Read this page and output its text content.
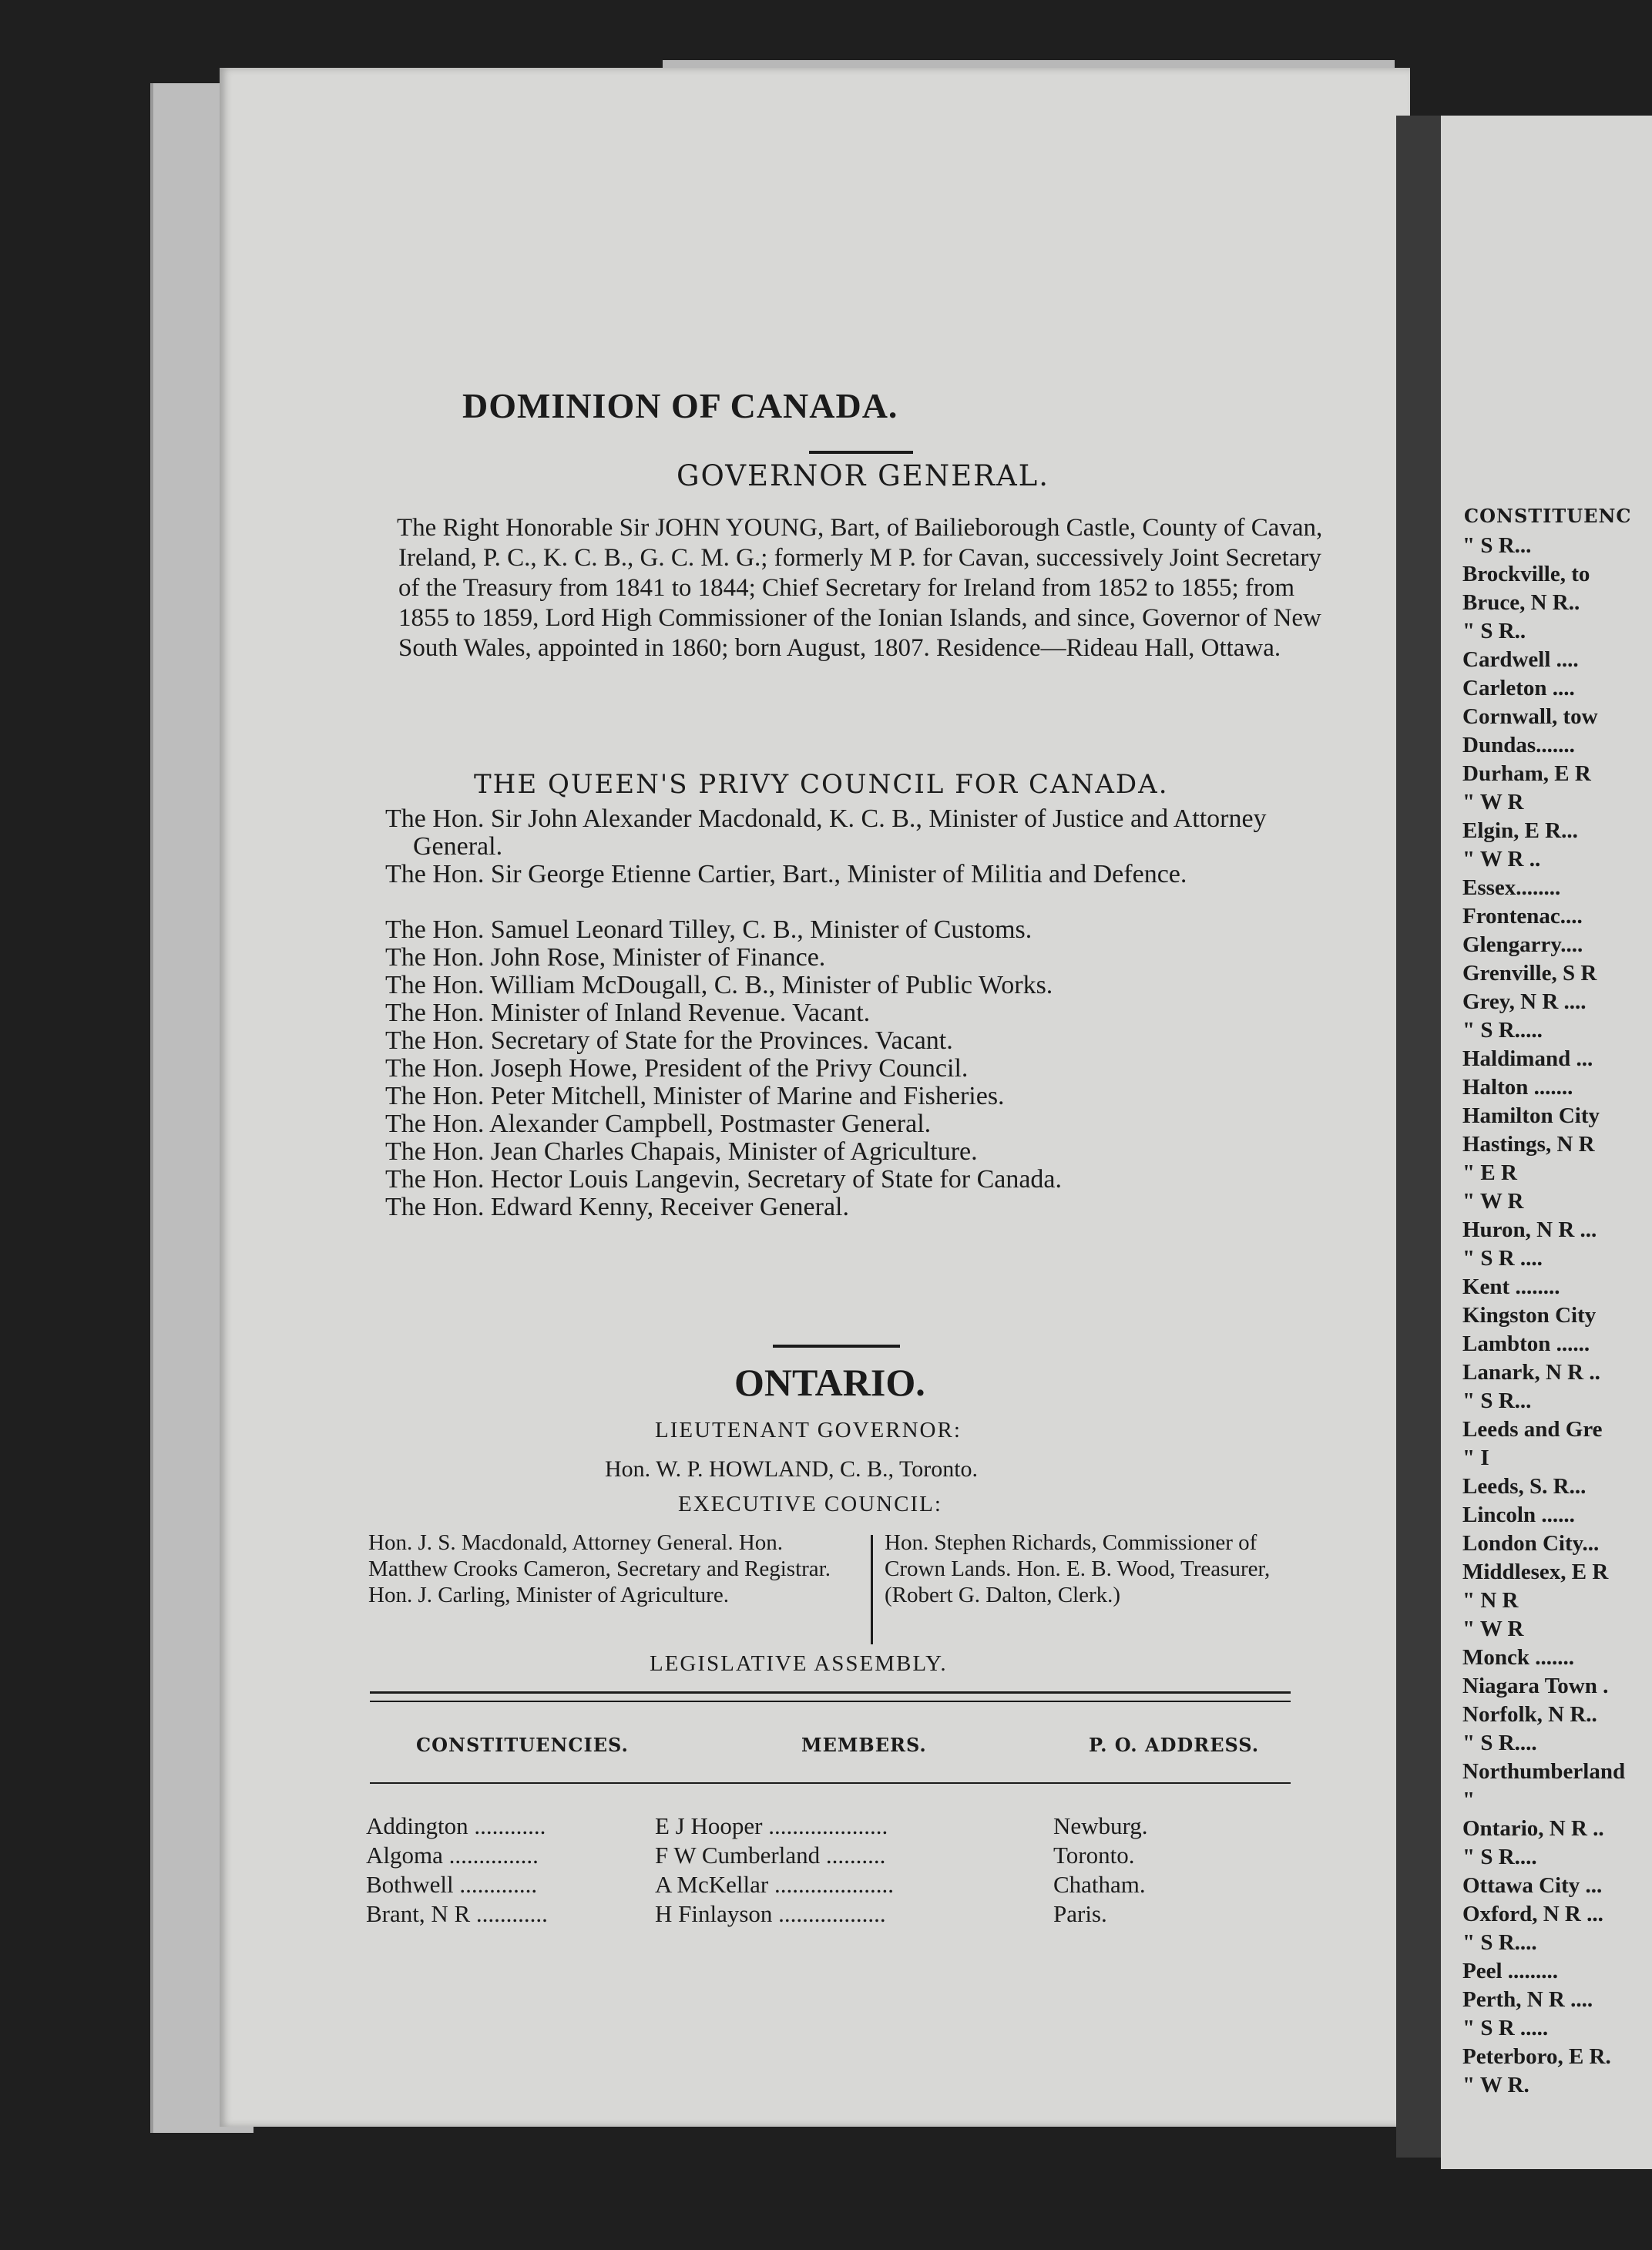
DOMINION OF CANADA.

GOVERNOR GENERAL.

The Right Honorable Sir JOHN YOUNG, Bart, of Bailieborough Castle, County of Cavan, Ireland, P. C., K. C. B., G. C. M. G.; formerly M P. for Cavan, successively Joint Secretary of the Treasury from 1841 to 1844; Chief Secretary for Ireland from 1852 to 1855; from 1855 to 1859, Lord High Commissioner of the Ionian Islands, and since, Governor of New South Wales, appointed in 1860; born August, 1807. Residence—Rideau Hall, Ottawa.

THE QUEEN'S PRIVY COUNCIL FOR CANADA.

The Hon. Sir John Alexander Macdonald, K. C. B., Minister of Justice and Attorney General.
The Hon. Sir George Etienne Cartier, Bart., Minister of Militia and Defence.
The Hon. Samuel Leonard Tilley, C. B., Minister of Customs.
The Hon. John Rose, Minister of Finance.
The Hon. William McDougall, C. B., Minister of Public Works.
The Hon. Minister of Inland Revenue. Vacant.
The Hon. Secretary of State for the Provinces. Vacant.
The Hon. Joseph Howe, President of the Privy Council.
The Hon. Peter Mitchell, Minister of Marine and Fisheries.
The Hon. Alexander Campbell, Postmaster General.
The Hon. Jean Charles Chapais, Minister of Agriculture.
The Hon. Hector Louis Langevin, Secretary of State for Canada.
The Hon. Edward Kenny, Receiver General.

ONTARIO.

LIEUTENANT GOVERNOR:

Hon. W. P. HOWLAND, C. B., Toronto.

EXECUTIVE COUNCIL:

Hon. J. S. Macdonald, Attorney General. Hon. Matthew Crooks Cameron, Secretary and Registrar. Hon. J. Carling, Minister of Agriculture.

Hon. Stephen Richards, Commissioner of Crown Lands. Hon. E. B. Wood, Treasurer, (Robert G. Dalton, Clerk.)

LEGISLATIVE ASSEMBLY.

CONSTITUENCIES.	MEMBERS.	P. O. ADDRESS.

Addington ............	E J Hooper ....................	Newburg.
Algoma ...............	F W Cumberland ..........	Toronto.
Bothwell .............	A McKellar ....................	Chatham.
Brant, N R ............	H Finlayson ..................	Paris.

CONSTITUENC

" S R...
Brockville, to
Bruce, N R..
" S R..
Cardwell ....
Carleton ....
Cornwall, tow
Dundas.......
Durham, E R
" W R
Elgin, E R...
" W R ..
Essex........
Frontenac....
Glengarry....
Grenville, S R
Grey, N R ....
" S R.....
Haldimand ...
Halton .......
Hamilton City
Hastings, N R
" E R
" W R
Huron, N R ...
" S R ....
Kent ........
Kingston City
Lambton ......
Lanark, N R ..
" S R...
Leeds and Gre
" I
Leeds, S. R...
Lincoln ......
London City...
Middlesex, E R
" N R
" W R
Monck .......
Niagara Town .
Norfolk, N R..
" S R....
Northumberland
"
Ontario, N R ..
" S R....
Ottawa City ...
Oxford, N R ...
" S R....
Peel .........
Perth, N R ....
" S R .....
Peterboro, E R.
" W R.
